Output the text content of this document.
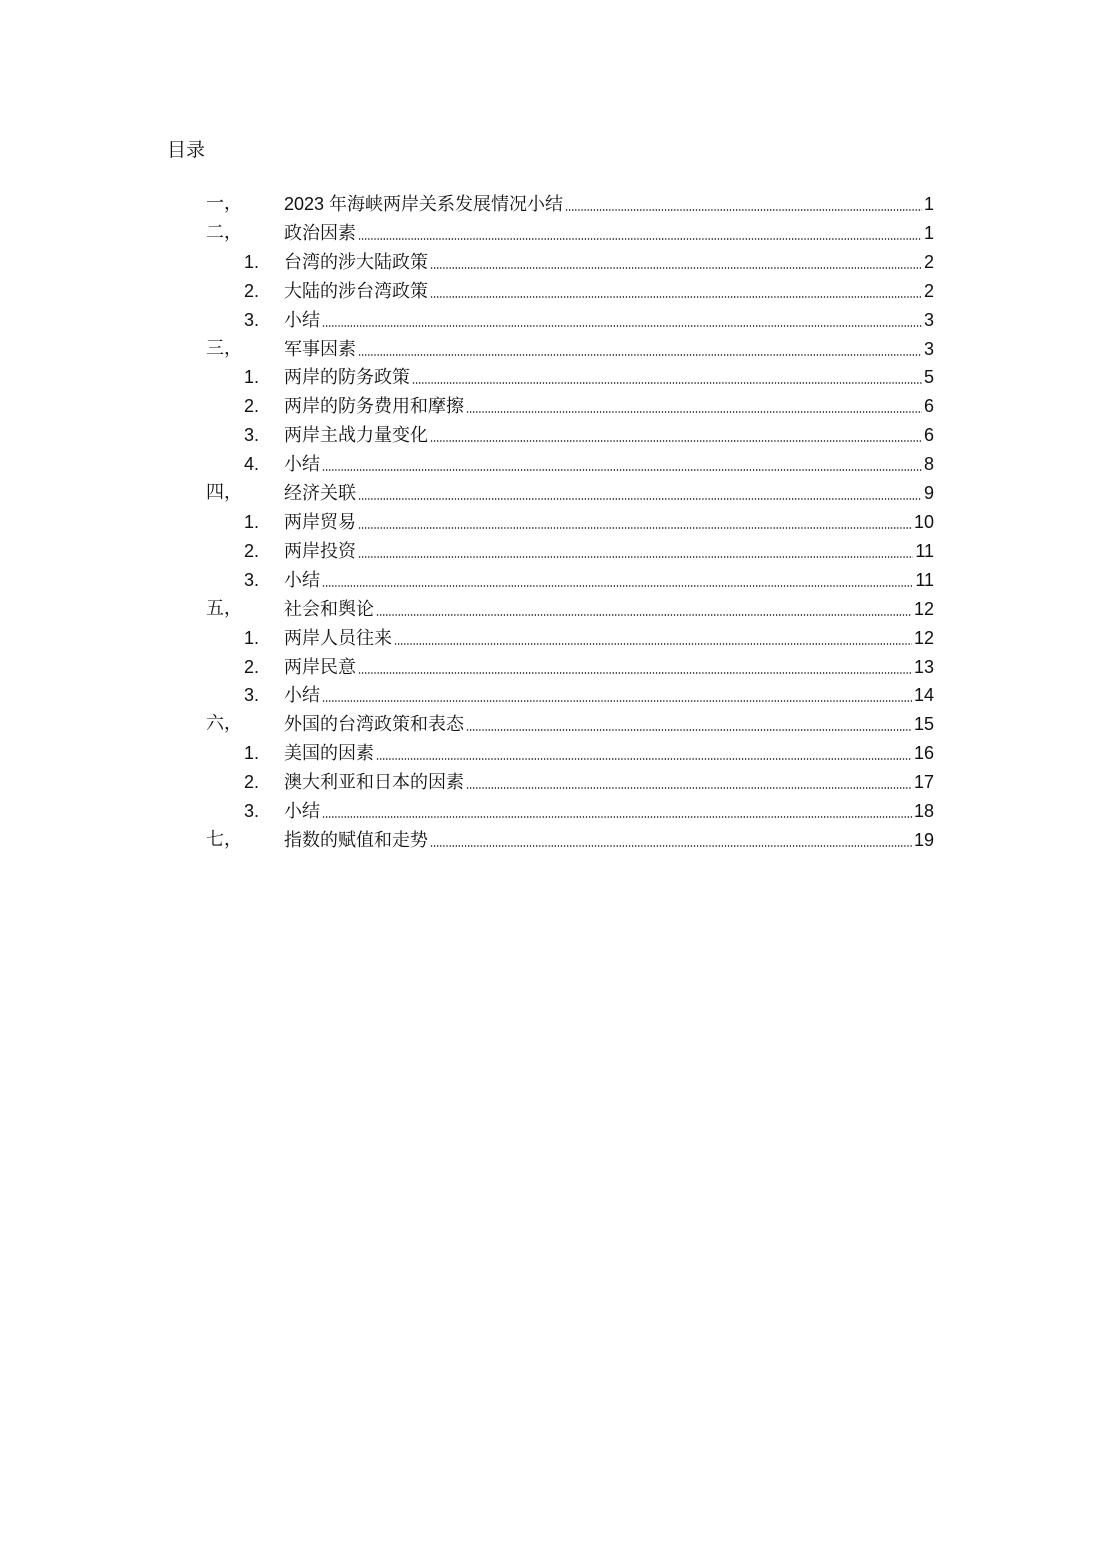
目录
一， 2023 年海峡两岸关系发展情况小结	1
二， 政治因素	1
1. 台湾的涉大陆政策	2
2. 大陆的涉台湾政策	2
3. 小结	3
三， 军事因素	3
1. 两岸的防务政策	5
2. 两岸的防务费用和摩擦	6
3. 两岸主战力量变化	6
4. 小结	8
四， 经济关联	9
1. 两岸贸易	10
2. 两岸投资	11
3. 小结	11
五， 社会和舆论	12
1. 两岸人员往来	12
2. 两岸民意	13
3. 小结	14
六， 外国的台湾政策和表态	15
1. 美国的因素	16
2. 澳大利亚和日本的因素	17
3. 小结	18
七， 指数的赋值和走势	19
